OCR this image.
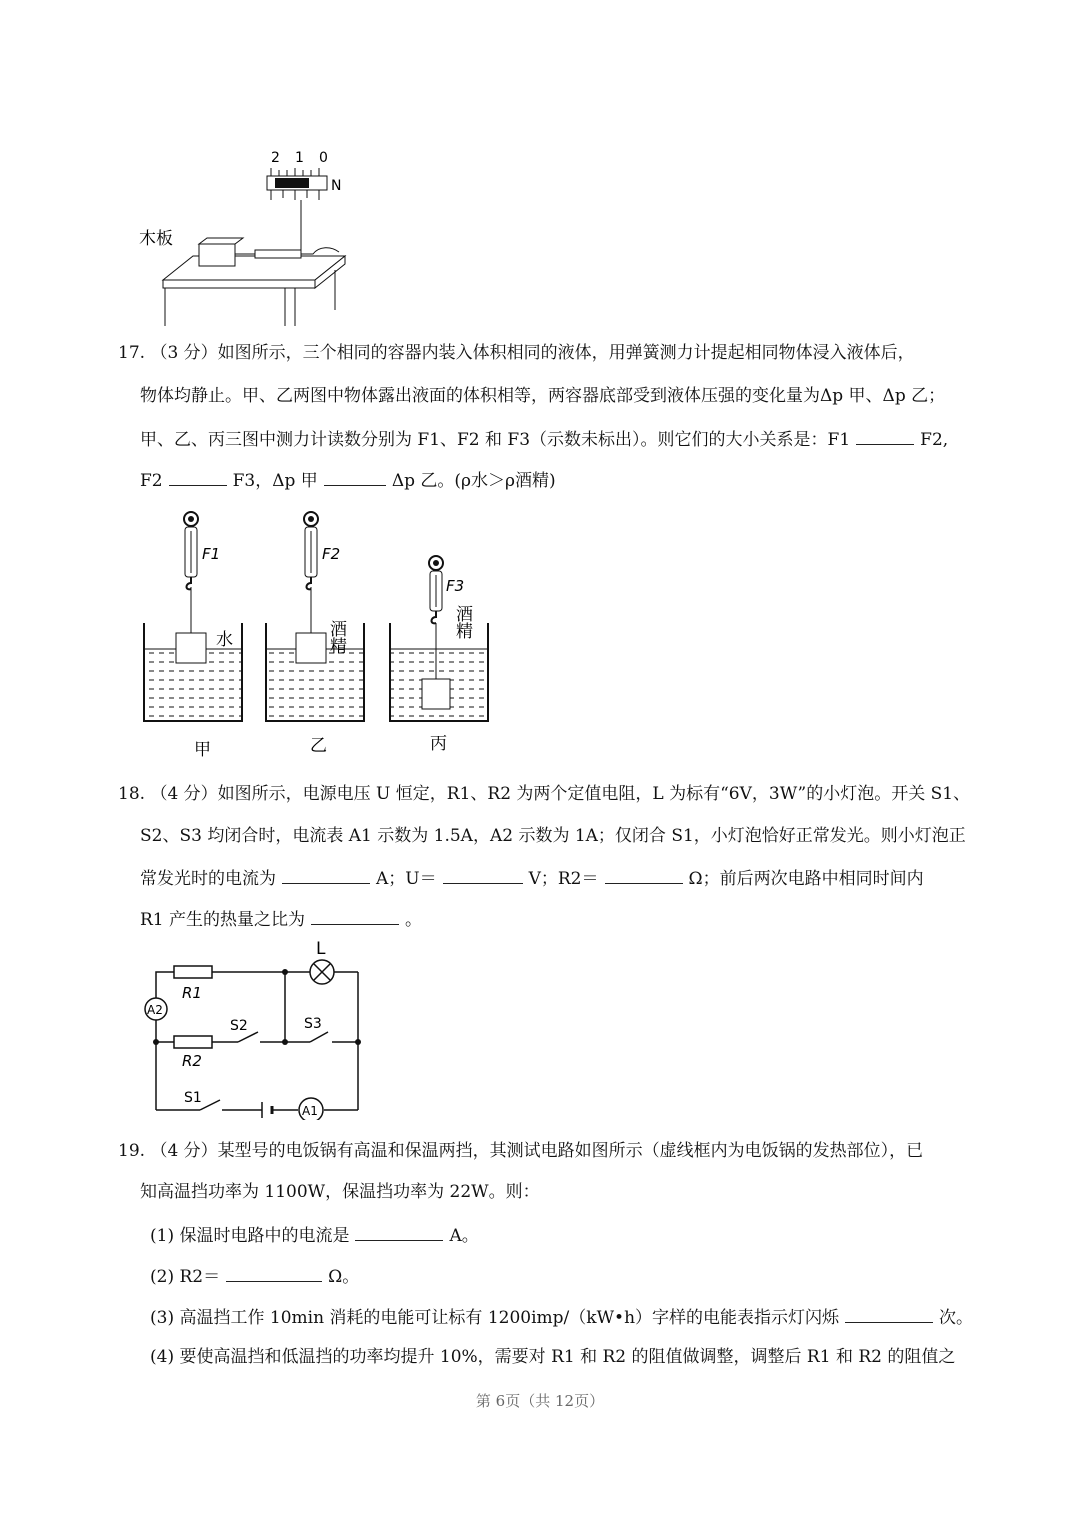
2 1 0
N
木板
17. （3 分）如图所示，三个相同的容器内装入体积相同的液体，用弹簧测力计提起相同物体浸入液体后，
物体均静止。甲、乙两图中物体露出液面的体积相等，两容器底部受到液体压强的变化量为Δp 甲、Δp 乙；
甲、乙、丙三图中测力计读数分别为 F1、F2 和 F3（示数未标出）。则它们的大小关系是：F1	F2,
F2	F3，Δp 甲	Δp 乙。(ρ水＞ρ酒精)
F1
水
甲
F2
酒精
乙
F3
酒精
丙
18. （4 分）如图所示，电源电压 U 恒定，R1、R2 为两个定值电阻，L 为标有“6V，3W”的小灯泡。开关 S1、
S2、S3 均闭合时，电流表 A1 示数为 1.5A，A2 示数为 1A；仅闭合 S1，小灯泡恰好正常发光。则小灯泡正
常发光时的电流为	A；U＝	V；R2＝	Ω；前后两次电路中相同时间内
R1 产生的热量之比为	。
L
R1
R2
S1
S2	S3
A1
A2
19. （4 分）某型号的电饭锅有高温和保温两挡，其测试电路如图所示（虚线框内为电饭锅的发热部位），已
知高温挡功率为 1100W，保温挡功率为 22W。则：
(1) 保温时电路中的电流是	A。
(2) R2＝	Ω。
(3) 高温挡工作 10min 消耗的电能可让标有 1200imp/（kW•h）字样的电能表指示灯闪烁	次。
(4) 要使高温挡和低温挡的功率均提升 10%，需要对 R1 和 R2 的阻值做调整，调整后 R1 和 R2 的阻值之
第 6页（共 12页）
